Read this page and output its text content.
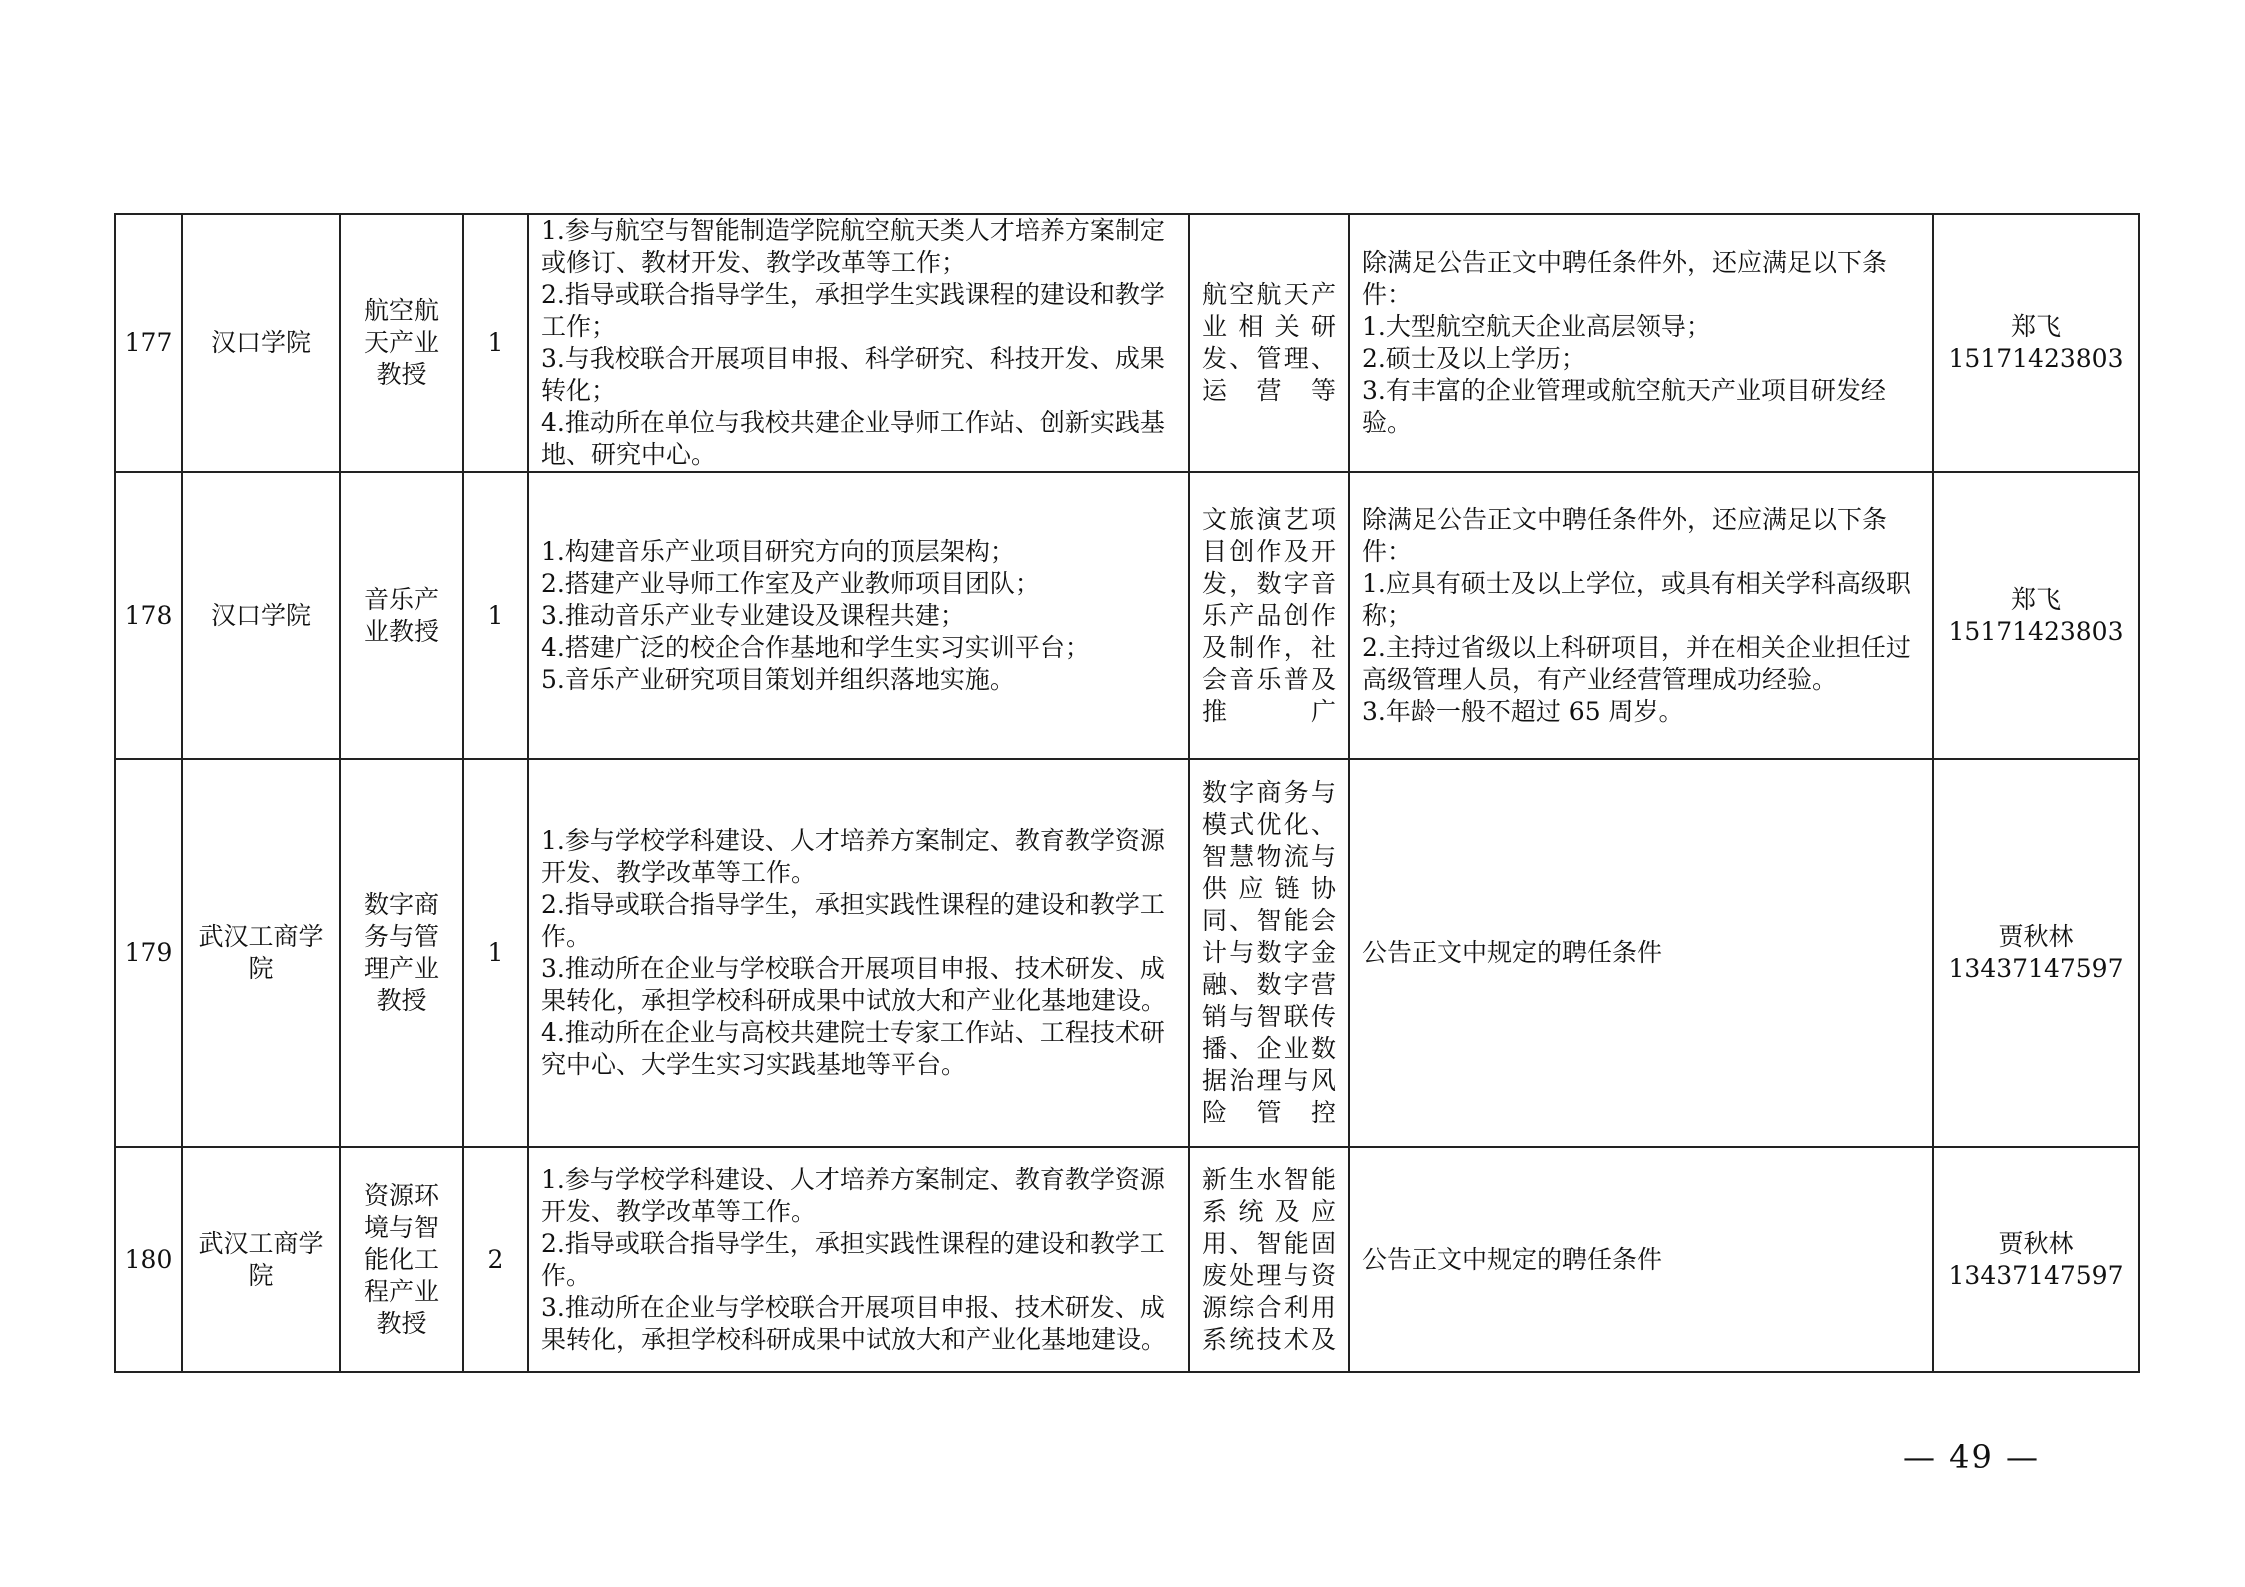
177	汉口学院	航空航天产业教授	1	1.参与航空与智能制造学院航空航天类人才培养方案制定或修订、教材开发、教学改革等工作；
2.指导或联合指导学生，承担学生实践课程的建设和教学工作；
3.与我校联合开展项目申报、科学研究、科技开发、成果转化；
4.推动所在单位与我校共建企业导师工作站、创新实践基地、研究中心。	航空航天产业相关研发、管理、运营等	除满足公告正文中聘任条件外，还应满足以下条件：
1.大型航空航天企业高层领导；
2.硕士及以上学历；
3.有丰富的企业管理或航空航天产业项目研发经验。	郑飞
15171423803

178	汉口学院	音乐产业教授	1	1.构建音乐产业项目研究方向的顶层架构；
2.搭建产业导师工作室及产业教师项目团队；
3.推动音乐产业专业建设及课程共建；
4.搭建广泛的校企合作基地和学生实习实训平台；
5.音乐产业研究项目策划并组织落地实施。	文旅演艺项目创作及开发，数字音乐产品创作及制作，社会音乐普及推广	除满足公告正文中聘任条件外，还应满足以下条件：
1.应具有硕士及以上学位，或具有相关学科高级职称；
2.主持过省级以上科研项目，并在相关企业担任过高级管理人员，有产业经营管理成功经验。
3.年龄一般不超过 65 周岁。	郑飞
15171423803

179	武汉工商学院	数字商务与管理产业教授	1	1.参与学校学科建设、人才培养方案制定、教育教学资源开发、教学改革等工作。
2.指导或联合指导学生，承担实践性课程的建设和教学工作。
3.推动所在企业与学校联合开展项目申报、技术研发、成果转化，承担学校科研成果中试放大和产业化基地建设。
4.推动所在企业与高校共建院士专家工作站、工程技术研究中心、大学生实习实践基地等平台。	数字商务与模式优化、智慧物流与供应链协同、智能会计与数字金融、数字营销与智联传播、企业数据治理与风险管控	公告正文中规定的聘任条件	贾秋林
13437147597

180	武汉工商学院	资源环境与智能化工程产业教授	2	1.参与学校学科建设、人才培养方案制定、教育教学资源开发、教学改革等工作。
2.指导或联合指导学生，承担实践性课程的建设和教学工作。
3.推动所在企业与学校联合开展项目申报、技术研发、成果转化，承担学校科研成果中试放大和产业化基地建设。	新生水智能系统及应用、智能固废处理与资源综合利用系统技术及	公告正文中规定的聘任条件	贾秋林
13437147597
— 49 —
